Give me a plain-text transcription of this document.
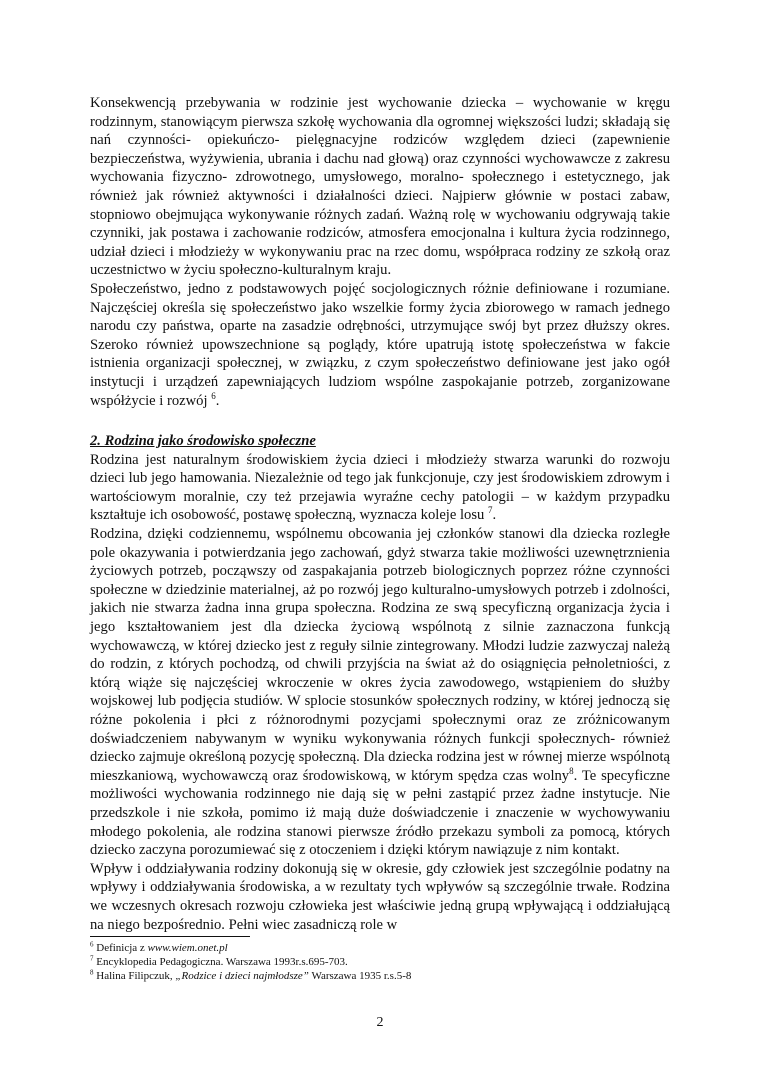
Konsekwencją przebywania w rodzinie jest wychowanie dziecka – wychowanie w kręgu rodzinnym, stanowiącym pierwsza szkołę wychowania dla ogromnej większości ludzi; składają się nań czynności- opiekuńczo- pielęgnacyjne rodziców względem dzieci (zapewnienie bezpieczeństwa, wyżywienia, ubrania i dachu nad głową) oraz czynności wychowawcze z zakresu wychowania fizyczno- zdrowotnego, umysłowego, moralno- społecznego i estetycznego, jak również jak również aktywności i działalności dzieci. Najpierw głównie w postaci zabaw, stopniowo obejmująca wykonywanie różnych zadań. Ważną rolę w wychowaniu odgrywają takie czynniki, jak postawa i zachowanie rodziców, atmosfera emocjonalna i kultura życia rodzinnego, udział dzieci i młodzieży w wykonywaniu prac na rzec domu, współpraca rodziny ze szkołą oraz uczestnictwo w życiu społeczno-kulturalnym kraju.

Społeczeństwo, jedno z podstawowych pojęć socjologicznych różnie definiowane i rozumiane. Najczęściej określa się społeczeństwo jako wszelkie formy życia zbiorowego w ramach jednego narodu czy państwa, oparte na zasadzie odrębności, utrzymujące swój byt przez dłuższy okres. Szeroko również upowszechnione są poglądy, które upatrują istotę społeczeństwa w fakcie istnienia organizacji społecznej, w związku, z czym społeczeństwo definiowane jest jako ogół instytucji i urządzeń zapewniających ludziom wspólne zaspokajanie potrzeb, zorganizowane współżycie i rozwój $^6$.

2. Rodzina jako środowisko społeczne

Rodzina jest naturalnym środowiskiem życia dzieci i młodzieży stwarza warunki do rozwoju dzieci lub jego hamowania. Niezależnie od tego jak funkcjonuje, czy jest środowiskiem zdrowym i wartościowym moralnie, czy też przejawia wyraźne cechy patologii – w każdym przypadku kształtuje ich osobowość, postawę społeczną, wyznacza koleje losu $^7$.

Rodzina, dzięki codziennemu, wspólnemu obcowania jej członków stanowi dla dziecka rozległe pole okazywania i potwierdzania jego zachowań, gdyż stwarza takie możliwości uzewnętrznienia życiowych potrzeb, począwszy od zaspakajania potrzeb biologicznych poprzez różne czynności społeczne w dziedzinie materialnej, aż po rozwój jego kulturalno-umysłowych potrzeb i zdolności, jakich nie stwarza żadna inna grupa społeczna. Rodzina ze swą specyficzną organizacja życia i jego kształtowaniem jest dla dziecka życiową wspólnotą z silnie zaznaczona funkcją wychowawczą, w której dziecko jest z reguły silnie zintegrowany. Młodzi ludzie zazwyczaj należą do rodzin, z których pochodzą, od chwili przyjścia na świat aż do osiągnięcia pełnoletniości, z którą wiąże się najczęściej wkroczenie w okres życia zawodowego, wstąpieniem do służby wojskowej lub podjęcia studiów. W splocie stosunków społecznych rodziny, w której jednoczą się różne pokolenia i płci z różnorodnymi pozycjami społecznymi oraz ze zróżnicowanym doświadczeniem nabywanym w wyniku wykonywania różnych funkcji społecznych- również dziecko zajmuje określoną pozycję społeczną. Dla dziecka rodzina jest w równej mierze wspólnotą mieszkaniową, wychowawczą oraz środowiskową, w którym spędza czas wolny$^8$. Te specyficzne możliwości wychowania rodzinnego nie dają się w pełni zastąpić przez żadne instytucje. Nie przedszkole i nie szkoła, pomimo iż mają duże doświadczenie i znaczenie w wychowywaniu młodego pokolenia, ale rodzina stanowi pierwsze źródło przekazu symboli za pomocą, których dziecko zaczyna porozumiewać się z otoczeniem i dzięki którym nawiązuje z nim kontakt.

Wpływ i oddziaływania rodziny dokonują się w okresie, gdy człowiek jest szczególnie podatny na wpływy i oddziaływania środowiska, a w rezultaty tych wpływów są szczególnie trwałe. Rodzina we wczesnych okresach rozwoju człowieka jest właściwie jedną grupą wpływającą i oddziałującą na niego bezpośrednio. Pełni wiec zasadniczą role w

$^6$ Definicja z www.wiem.onet.pl
$^7$ Encyklopedia Pedagogiczna. Warszawa 1993r.s.695-703.
$^8$ Halina Filipczuk, „Rodzice i dzieci najmłodsze” Warszawa 1935 r.s.5-8
2
